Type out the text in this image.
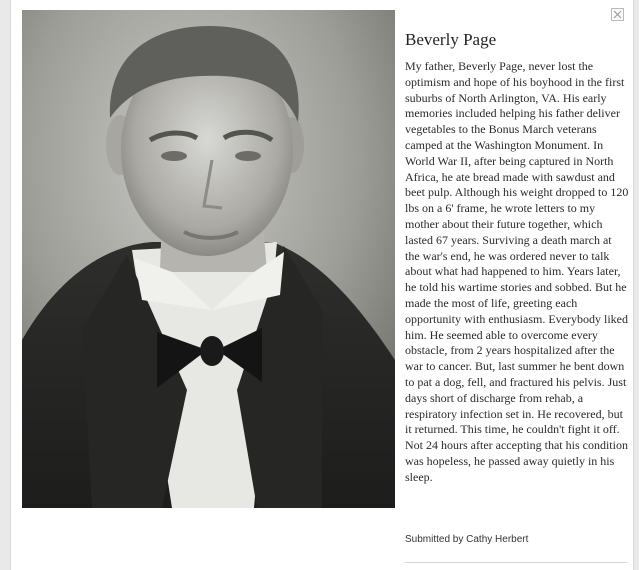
Beverly Page

My father, Beverly Page, never lost the optimism and hope of his boyhood in the first suburbs of North Arlington, VA. His early memories included helping his father deliver vegetables to the Bonus March veterans camped at the Washington Monument. In World War II, after being captured in North Africa, he ate bread made with sawdust and beet pulp. Although his weight dropped to 120 lbs on a 6' frame, he wrote letters to my mother about their future together, which lasted 67 years. Surviving a death march at the war's end, he was ordered never to talk about what had happened to him. Years later, he told his wartime stories and sobbed. But he made the most of life, greeting each opportunity with enthusiasm. Everybody liked him. He seemed able to overcome every obstacle, from 2 years hospitalized after the war to cancer. But, last summer he bent down to pat a dog, fell, and fractured his pelvis. Just days short of discharge from rehab, a respiratory infection set in. He recovered, but it returned. This time, he couldn't fight it off. Not 24 hours after accepting that his condition was hopeless, he passed away quietly in his sleep.

Submitted by Cathy Herbert
